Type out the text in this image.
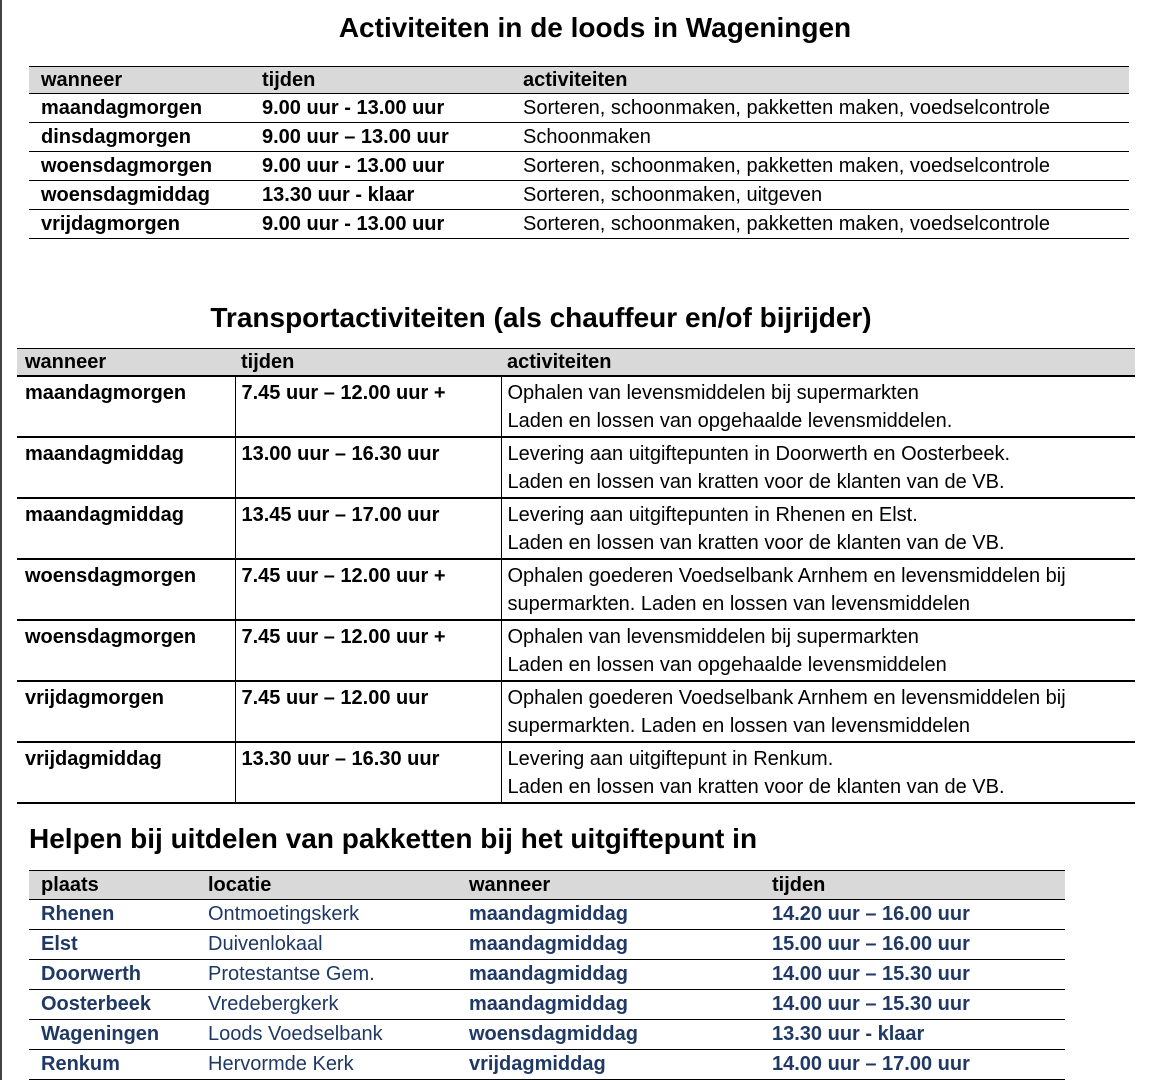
Activiteiten in de loods in Wageningen
wanneer	tijden	activiteiten
maandagmorgen	9.00 uur - 13.00 uur	Sorteren, schoonmaken, pakketten maken, voedselcontrole
dinsdagmorgen	9.00 uur – 13.00 uur	Schoonmaken
woensdagmorgen	9.00 uur - 13.00 uur	Sorteren, schoonmaken, pakketten maken, voedselcontrole
woensdagmiddag	13.30 uur - klaar	Sorteren, schoonmaken, uitgeven
vrijdagmorgen	9.00 uur - 13.00 uur	Sorteren, schoonmaken, pakketten maken, voedselcontrole
Transportactiviteiten (als chauffeur en/of bijrijder)
wanneer	tijden	activiteiten
maandagmorgen	7.45 uur – 12.00 uur +	Ophalen van levensmiddelen bij supermarkten
Laden en lossen van opgehaalde levensmiddelen.
maandagmiddag	13.00 uur – 16.30 uur	Levering aan uitgiftepunten in Doorwerth en Oosterbeek.
Laden en lossen van kratten voor de klanten van de VB.
maandagmiddag	13.45 uur – 17.00 uur	Levering aan uitgiftepunten in Rhenen en Elst.
Laden en lossen van kratten voor de klanten van de VB.
woensdagmorgen	7.45 uur – 12.00 uur +	Ophalen goederen Voedselbank Arnhem en levensmiddelen bij
supermarkten. Laden en lossen van levensmiddelen
woensdagmorgen	7.45 uur – 12.00 uur +	Ophalen van levensmiddelen bij supermarkten
Laden en lossen van opgehaalde levensmiddelen
vrijdagmorgen	7.45 uur – 12.00 uur	Ophalen goederen Voedselbank Arnhem en levensmiddelen bij
supermarkten. Laden en lossen van levensmiddelen
vrijdagmiddag	13.30 uur – 16.30 uur	Levering aan uitgiftepunt in Renkum.
Laden en lossen van kratten voor de klanten van de VB.
Helpen bij uitdelen van pakketten bij het uitgiftepunt in
plaats	locatie	wanneer	tijden
Rhenen	Ontmoetingskerk	maandagmiddag	14.20 uur – 16.00 uur
Elst	Duivenlokaal	maandagmiddag	15.00 uur – 16.00 uur
Doorwerth	Protestantse Gem.	maandagmiddag	14.00 uur – 15.30 uur
Oosterbeek	Vredebergkerk	maandagmiddag	14.00 uur – 15.30 uur
Wageningen	Loods Voedselbank	woensdagmiddag	13.30 uur - klaar
Renkum	Hervormde Kerk	vrijdagmiddag	14.00 uur – 17.00 uur
